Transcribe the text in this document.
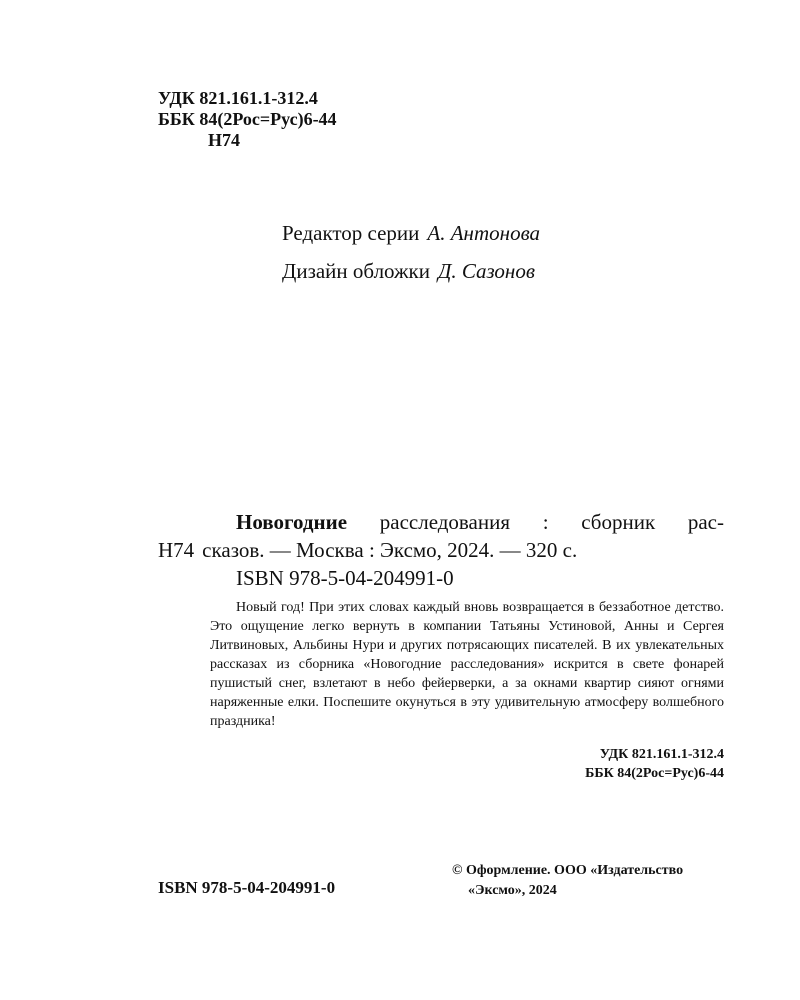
УДК 821.161.1-312.4
ББК 84(2Рос=Рус)6-44
Н74
Редактор серии А. Антонова
Дизайн обложки Д. Сазонов
Новогодние расследования : сборник рас-
Н74 сказов. — Москва : Эксмо, 2024. — 320 с.
ISBN 978-5-04-204991-0

Новый год! При этих словах каждый вновь возвращается в беззаботное детство. Это ощущение легко вернуть в компании Татьяны Устиновой, Анны и Сергея Литвиновых, Альбины Нури и других потрясающих писателей. В их увлекательных рассказах из сборника «Новогодние расследования» искрится в свете фонарей пушистый снег, взлетают в небо фейерверки, а за окнами квартир сияют огнями наряженные елки. Поспешите окунуться в эту удивительную атмосферу волшебного праздника!

УДК 821.161.1-312.4
ББК 84(2Рос=Рус)6-44
ISBN 978-5-04-204991-0
© Оформление. ООО «Издательство
«Эксмо», 2024
